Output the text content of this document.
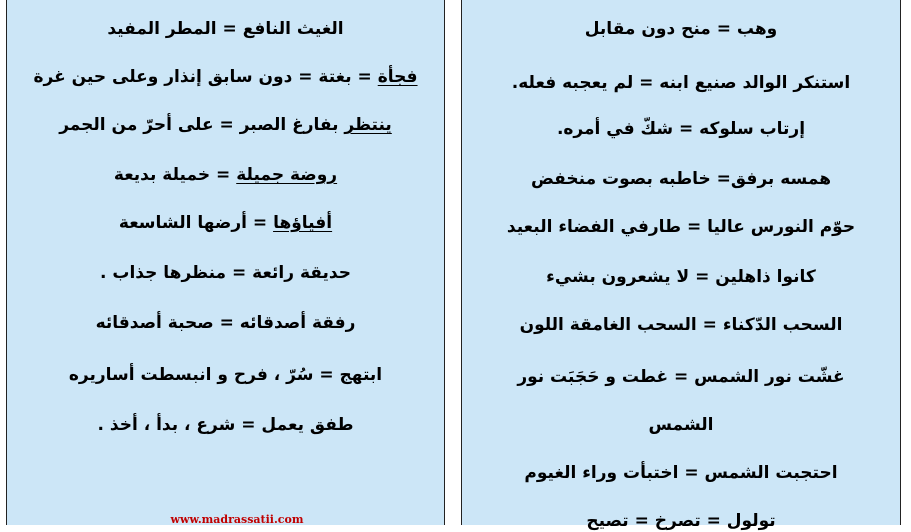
الغيث النافع = المطر المفيد
فجأة = بغتة = دون سابق إنذار وعلى حين غرة
ينتظر بفارغ الصبر = على أحرّ من الجمر
روضة جميلة = خميلة بديعة
أفياؤها = أرضها الشاسعة
حديقة رائعة = منظرها جذاب .
رفقة أصدقائه = صحبة أصدقائه
ابتهج = سُرّ ، فرح و انبسطت أساريره
طفق يعمل = شرع ، بدأ ، أخذ .
www.madrassatii.com
وهب = منح دون مقابل
استنكر الوالد صنيع ابنه = لم يعجبه فعله.
إرتاب سلوكه = شكّ في أمره.
همسه برفق= خاطبه بصوت منخفض
حوّم النورس عاليا = طارفي الفضاء البعيد
كانوا ذاهلين = لا يشعرون بشيء
السحب الدّكناء = السحب الغامقة اللون
غشّت نور الشمس = غطت و حَجَبَت نور
الشمس
احتجبت الشمس = اختبأت وراء الغيوم
تولول = تصرخ = تصيح
